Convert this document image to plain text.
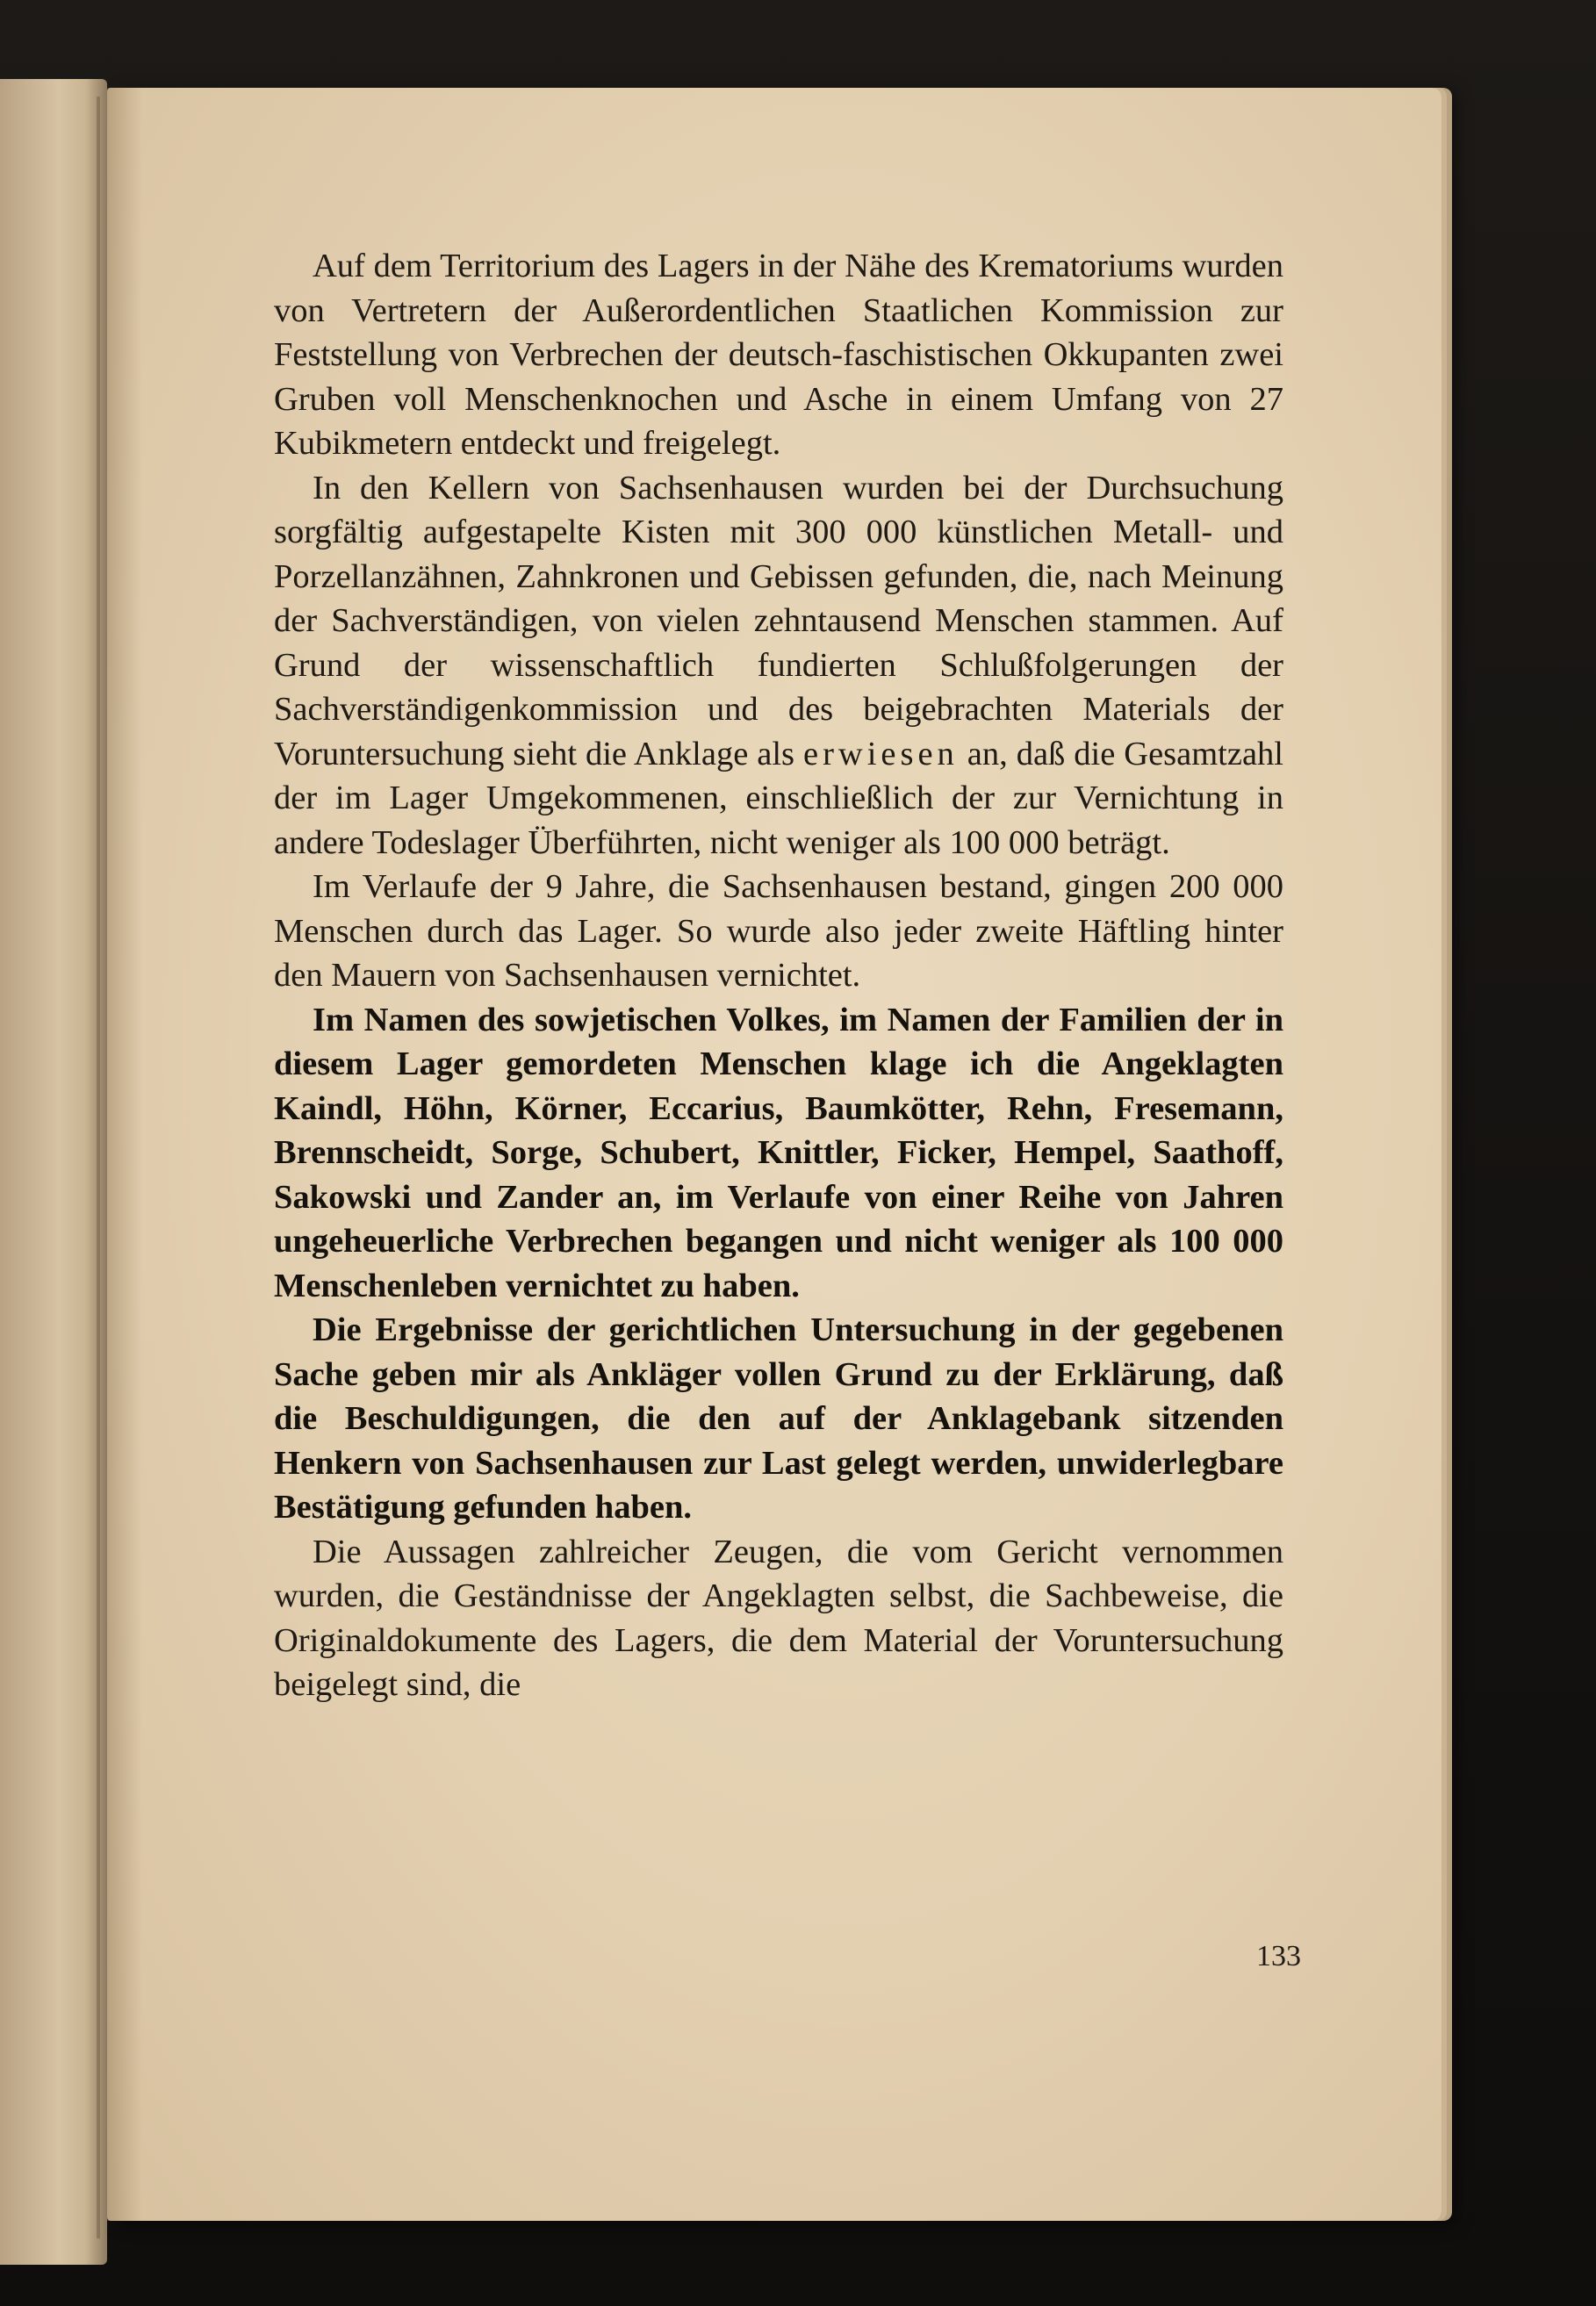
Auf dem Territorium des Lagers in der Nähe des Krematoriums wurden von Vertretern der Außerordentlichen Staatlichen Kommission zur Feststellung von Verbrechen der deutsch-faschistischen Okkupanten zwei Gruben voll Menschenknochen und Asche in einem Umfang von 27 Kubikmetern entdeckt und freigelegt.

In den Kellern von Sachsenhausen wurden bei der Durchsuchung sorgfältig aufgestapelte Kisten mit 300 000 künstlichen Metall- und Porzellanzähnen, Zahnkronen und Gebissen gefunden, die, nach Meinung der Sachverständigen, von vielen zehntausend Menschen stammen. Auf Grund der wissenschaftlich fundierten Schlußfolgerungen der Sachverständigenkommission und des beigebrachten Materials der Voruntersuchung sieht die Anklage als erwiesen an, daß die Gesamtzahl der im Lager Umgekommenen, einschließlich der zur Vernichtung in andere Todeslager Überführten, nicht weniger als 100 000 beträgt.

Im Verlaufe der 9 Jahre, die Sachsenhausen bestand, gingen 200 000 Menschen durch das Lager. So wurde also jeder zweite Häftling hinter den Mauern von Sachsenhausen vernichtet.

Im Namen des sowjetischen Volkes, im Namen der Familien der in diesem Lager gemordeten Menschen klage ich die Angeklagten Kaindl, Höhn, Körner, Eccarius, Baumkötter, Rehn, Fresemann, Brennscheidt, Sorge, Schubert, Knittler, Ficker, Hempel, Saathoff, Sakowski und Zander an, im Verlaufe von einer Reihe von Jahren ungeheuerliche Verbrechen begangen und nicht weniger als 100 000 Menschenleben vernichtet zu haben.

Die Ergebnisse der gerichtlichen Untersuchung in der gegebenen Sache geben mir als Ankläger vollen Grund zu der Erklärung, daß die Beschuldigungen, die den auf der Anklagebank sitzenden Henkern von Sachsenhausen zur Last gelegt werden, unwiderlegbare Bestätigung gefunden haben.

Die Aussagen zahlreicher Zeugen, die vom Gericht vernommen wurden, die Geständnisse der Angeklagten selbst, die Sachbeweise, die Originaldokumente des Lagers, die dem Material der Voruntersuchung beigelegt sind, die

133
